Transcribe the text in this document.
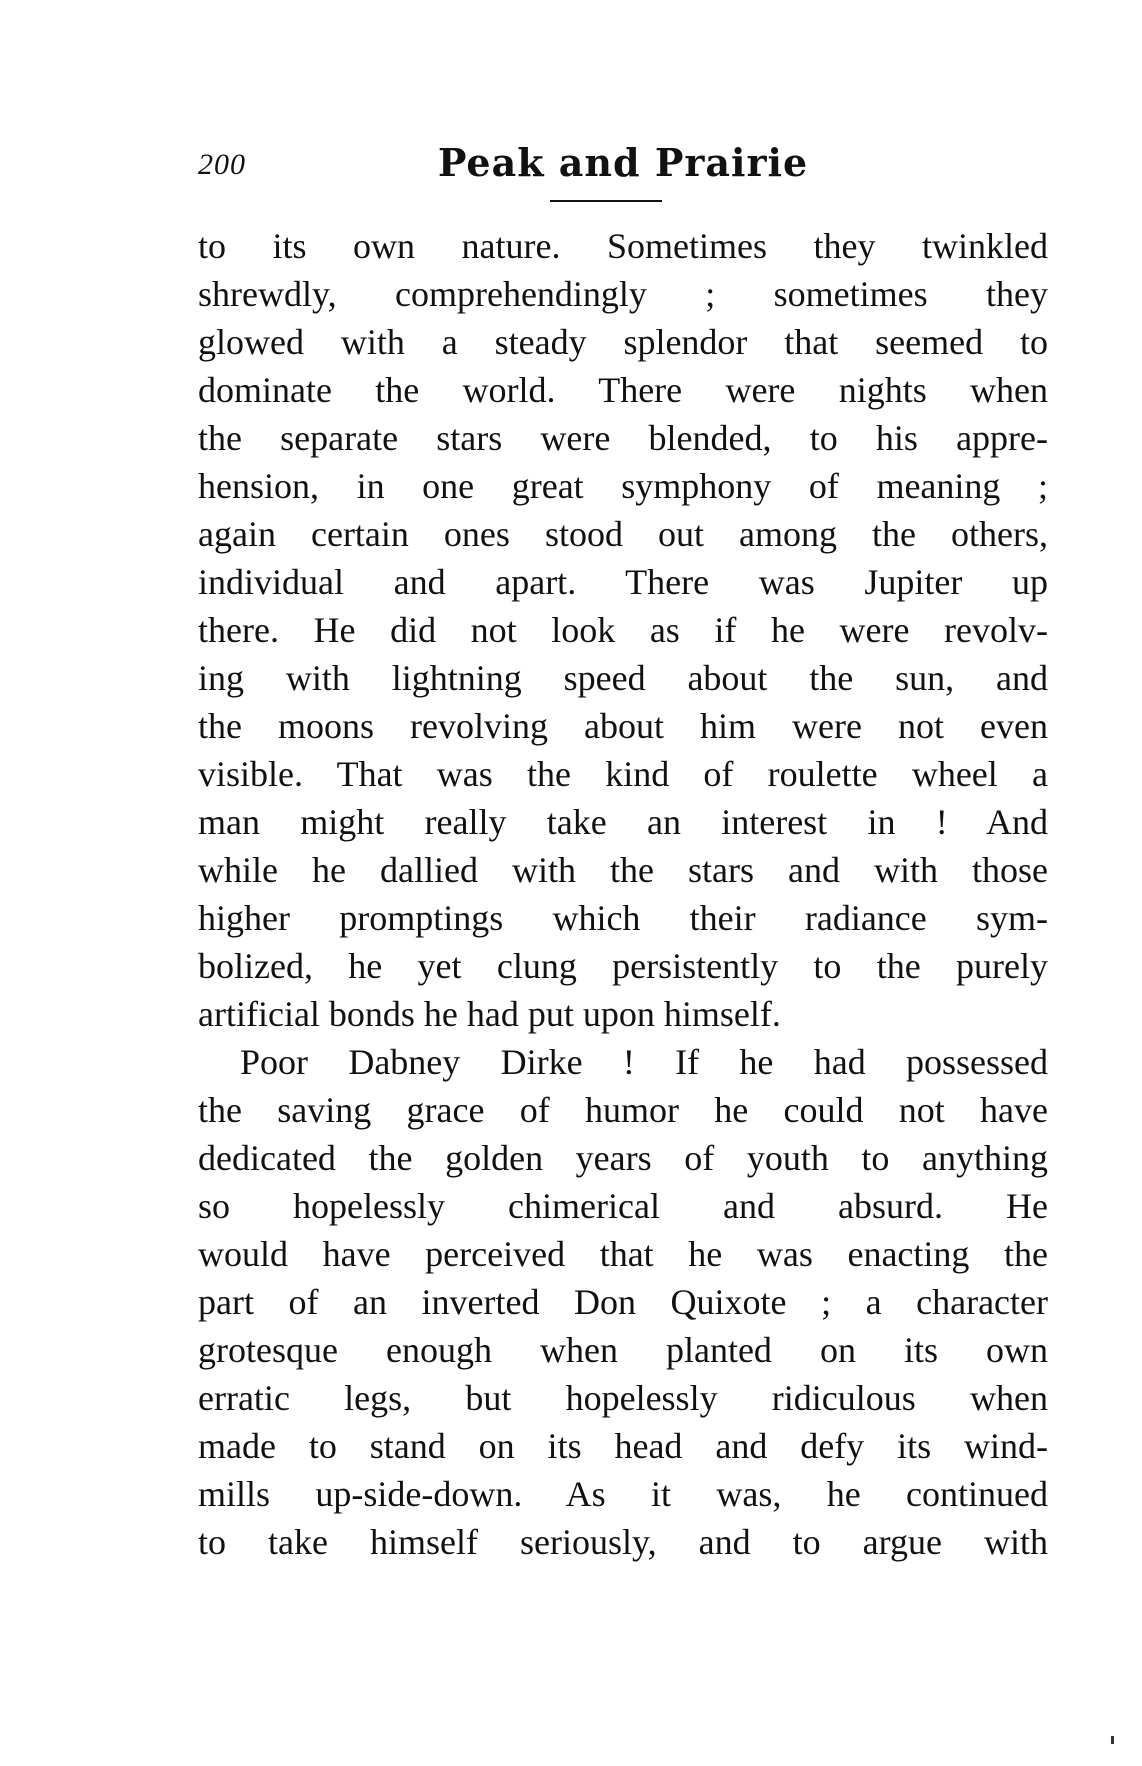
200	Peak and Prairie
to its own nature. Sometimes they twinkled
shrewdly, comprehendingly ; sometimes they
glowed with a steady splendor that seemed to
dominate the world. There were nights when
the separate stars were blended, to his appre-
hension, in one great symphony of meaning ;
again certain ones stood out among the others,
individual and apart. There was Jupiter up
there. He did not look as if he were revolv-
ing with lightning speed about the sun, and
the moons revolving about him were not even
visible. That was the kind of roulette wheel a
man might really take an interest in ! And
while he dallied with the stars and with those
higher promptings which their radiance sym-
bolized, he yet clung persistently to the purely
artificial bonds he had put upon himself.
Poor Dabney Dirke ! If he had possessed
the saving grace of humor he could not have
dedicated the golden years of youth to anything
so hopelessly chimerical and absurd. He
would have perceived that he was enacting the
part of an inverted Don Quixote ; a character
grotesque enough when planted on its own
erratic legs, but hopelessly ridiculous when
made to stand on its head and defy its wind-
mills up-side-down. As it was, he continued
to take himself seriously, and to argue with
